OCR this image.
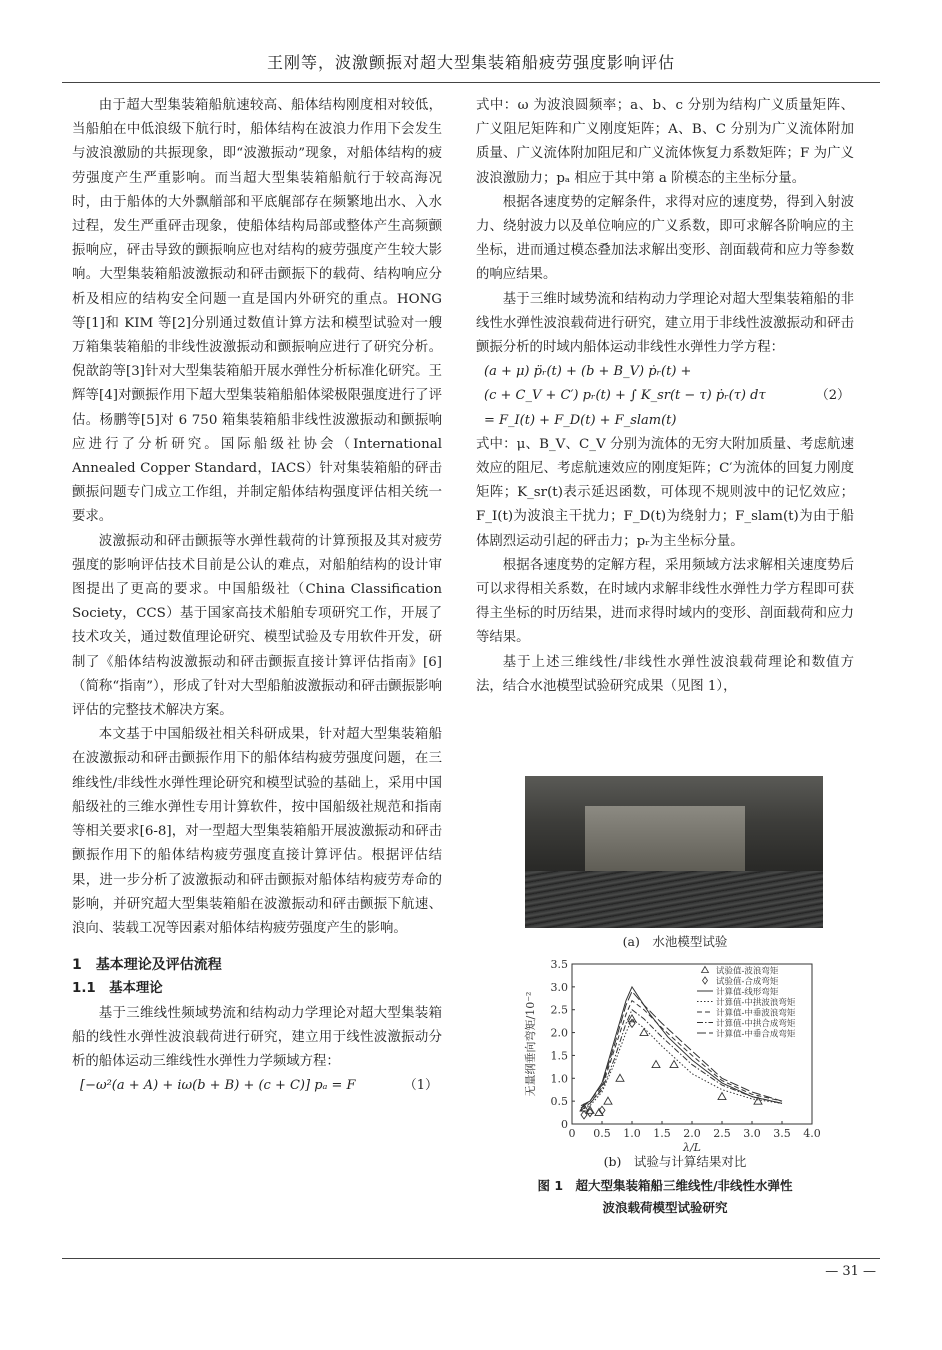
王刚等，波激颤振对超大型集装箱船疲劳强度影响评估

由于超大型集装箱船航速较高、船体结构刚度相对较低，当船舶在中低浪级下航行时，船体结构在波浪力作用下会发生与波浪激励的共振现象，即“波激振动”现象，对船体结构的疲劳强度产生严重影响。而当超大型集装箱船航行于较高海况时，由于船体的大外飘艏部和平底艉部存在频繁地出水、入水过程，发生严重砰击现象，使船体结构局部或整体产生高频颤振响应，砰击导致的颤振响应也对结构的疲劳强度产生较大影响。大型集装箱船波激振动和砰击颤振下的载荷、结构响应分析及相应的结构安全问题一直是国内外研究的重点。HONG 等[1]和 KIM 等[2]分别通过数值计算方法和模型试验对一艘万箱集装箱船的非线性波激振动和颤振响应进行了研究分析。倪歆韵等[3]针对大型集装箱船开展水弹性分析标准化研究。王辉等[4]对颤振作用下超大型集装箱船船体梁极限强度进行了评估。杨鹏等[5]对 6 750 箱集装箱船非线性波激振动和颤振响应进行了分析研究。国际船级社协会（International Annealed Copper Standard，IACS）针对集装箱船的砰击颤振问题专门成立工作组，并制定船体结构强度评估相关统一要求。

波激振动和砰击颤振等水弹性载荷的计算预报及其对疲劳强度的影响评估技术目前是公认的难点，对船舶结构的设计审图提出了更高的要求。中国船级社（China Classification Society，CCS）基于国家高技术船舶专项研究工作，开展了技术攻关，通过数值理论研究、模型试验及专用软件开发，研制了《船体结构波激振动和砰击颤振直接计算评估指南》[6]（简称“指南”），形成了针对大型船舶波激振动和砰击颤振影响评估的完整技术解决方案。

本文基于中国船级社相关科研成果，针对超大型集装箱船在波激振动和砰击颤振作用下的船体结构疲劳强度问题，在三维线性/非线性水弹性理论研究和模型试验的基础上，采用中国船级社的三维水弹性专用计算软件，按中国船级社规范和指南等相关要求[6-8]，对一型超大型集装箱船开展波激振动和砰击颤振作用下的船体结构疲劳强度直接计算评估。根据评估结果，进一步分析了波激振动和砰击颤振对船体结构疲劳寿命的影响，并研究超大型集装箱船在波激振动和砰击颤振下航速、浪向、装载工况等因素对船体结构疲劳强度产生的影响。

1　基本理论及评估流程

1.1　基本理论

基于三维线性频域势流和结构动力学理论对超大型集装箱船的线性水弹性波浪载荷进行研究，建立用于线性波激振动分析的船体运动三维线性水弹性力学频域方程：

[−ω²(a + A) + iω(b + B) + (c + C)] pₐ = F	（1）

式中：ω 为波浪圆频率；a、b、c 分别为结构广义质量矩阵、广义阻尼矩阵和广义刚度矩阵；A、B、C 分别为广义流体附加质量、广义流体附加阻尼和广义流体恢复力系数矩阵；F 为广义波浪激励力；pₐ 相应于其中第 a 阶模态的主坐标分量。

根据各速度势的定解条件，求得对应的速度势，得到入射波力、绕射波力以及单位响应的广义系数，即可求解各阶响应的主坐标，进而通过模态叠加法求解出变形、剖面载荷和应力等参数的响应结果。

基于三维时域势流和结构动力学理论对超大型集装箱船的非线性水弹性波浪载荷进行研究，建立用于非线性波激振动和砰击颤振分析的时域内船体运动非线性水弹性力学方程：

(a + μ) p̈ᵣ(t) + (b + B_V) ṗᵣ(t) +

(c + C_V + C′) pᵣ(t) + ∫ K_sr(t − τ) ṗᵣ(τ) dτ	（2）

= F_I(t) + F_D(t) + F_slam(t)

式中：μ、B_V、C_V 分别为流体的无穷大附加质量、考虑航速效应的阻尼、考虑航速效应的刚度矩阵；C′为流体的回复力刚度矩阵；K_sr(t)表示延迟函数，可体现不规则波中的记忆效应；F_I(t)为波浪主干扰力；F_D(t)为绕射力；F_slam(t)为由于船体剧烈运动引起的砰击力；pᵣ为主坐标分量。

根据各速度势的定解方程，采用频域方法求解相关速度势后可以求得相关系数，在时域内求解非线性水弹性力学方程即可获得主坐标的时历结果，进而求得时域内的变形、剖面载荷和应力等结果。

基于上述三维线性/非线性水弹性波浪载荷理论和数值方法，结合水池模型试验研究成果（见图 1），

(a)　水池模型试验
0 0.5 1.0 1.5 2.0 2.5 3.0 3.5 4.0
0
0.5
1.0
1.5
2.0
2.5
3.0
3.5
λ/L
无量纲垂向弯矩/10⁻²
试验值-波浪弯矩
试验值-合成弯矩
计算值-线形弯矩
计算值-中拱波浪弯矩
计算值-中垂波浪弯矩
计算值-中拱合成弯矩
计算值-中垂合成弯矩
(b)　试验与计算结果对比
图 1 超大型集装箱船三维线性/非线性水弹性
波浪载荷模型试验研究
— 31 —
